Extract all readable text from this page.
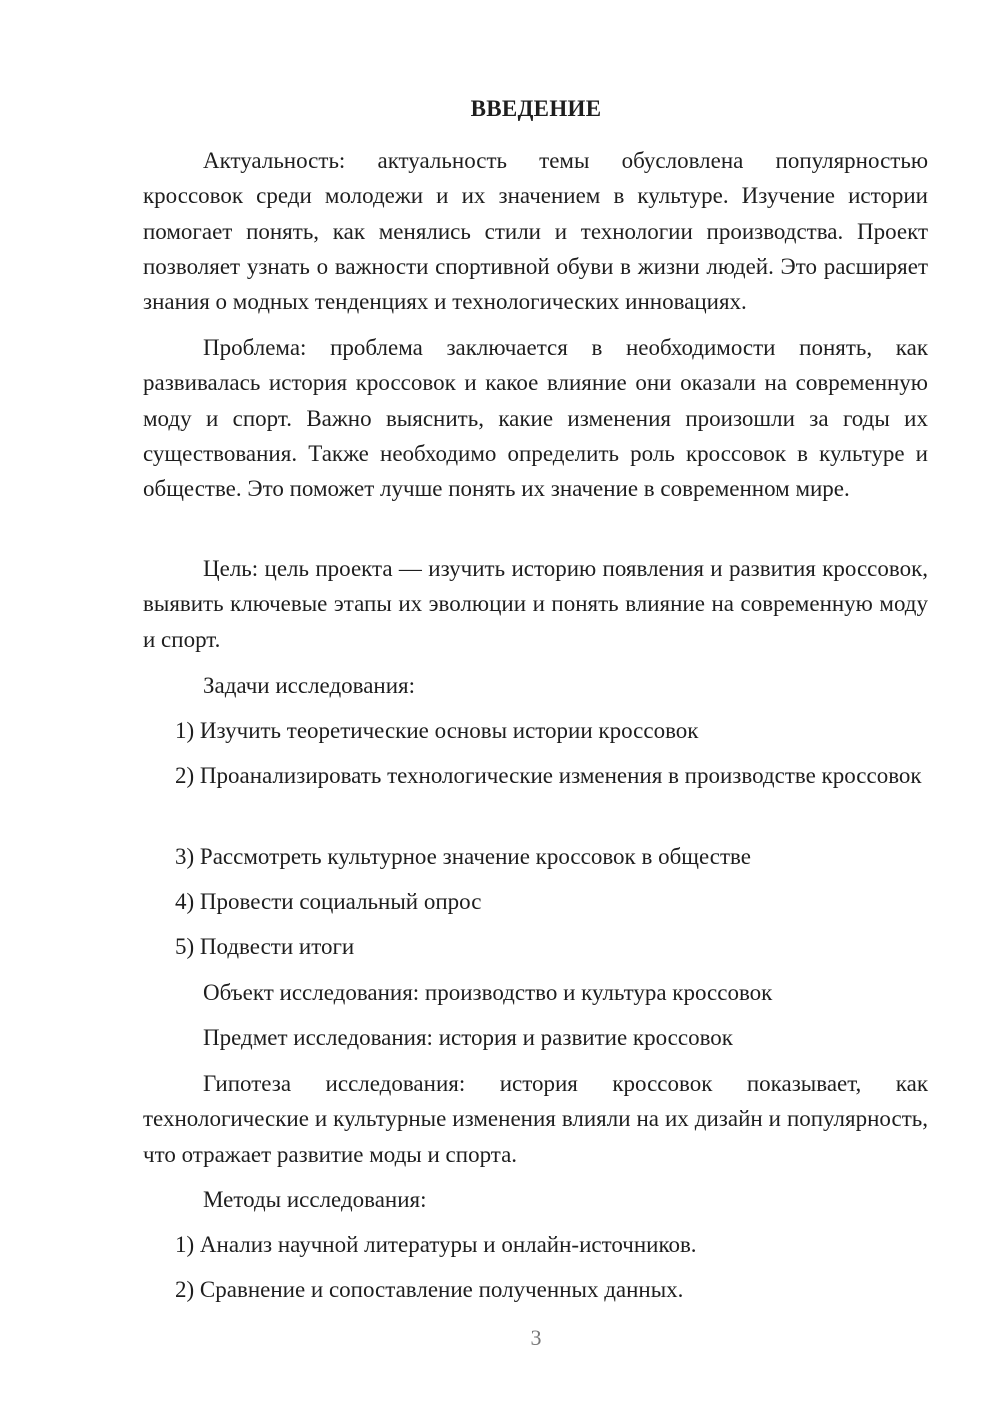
ВВЕДЕНИЕ

Актуальность: актуальность темы обусловлена популярностью кроссовок среди молодежи и их значением в культуре. Изучение истории помогает понять, как менялись стили и технологии производства. Проект позволяет узнать о важности спортивной обуви в жизни людей. Это расширяет знания о модных тенденциях и технологических инновациях.

Проблема: проблема заключается в необходимости понять, как развивалась история кроссовок и какое влияние они оказали на современную моду и спорт. Важно выяснить, какие изменения произошли за годы их существования. Также необходимо определить роль кроссовок в культуре и обществе. Это поможет лучше понять их значение в современном мире.

Цель: цель проекта — изучить историю появления и развития кроссовок, выявить ключевые этапы их эволюции и понять влияние на современную моду и спорт.

Задачи исследования:
1) Изучить теоретические основы истории кроссовок

2) Проанализировать технологические изменения в производстве кроссовок

3) Рассмотреть культурное значение кроссовок в обществе
4) Провести социальный опрос
5) Подвести итоги
Объект исследования: производство и культура кроссовок
Предмет исследования: история и развитие кроссовок

Гипотеза исследования: история кроссовок показывает, как технологические и культурные изменения влияли на их дизайн и популярность, что отражает развитие моды и спорта.

Методы исследования:
1) Анализ научной литературы и онлайн-источников.
2) Сравнение и сопоставление полученных данных.
3
